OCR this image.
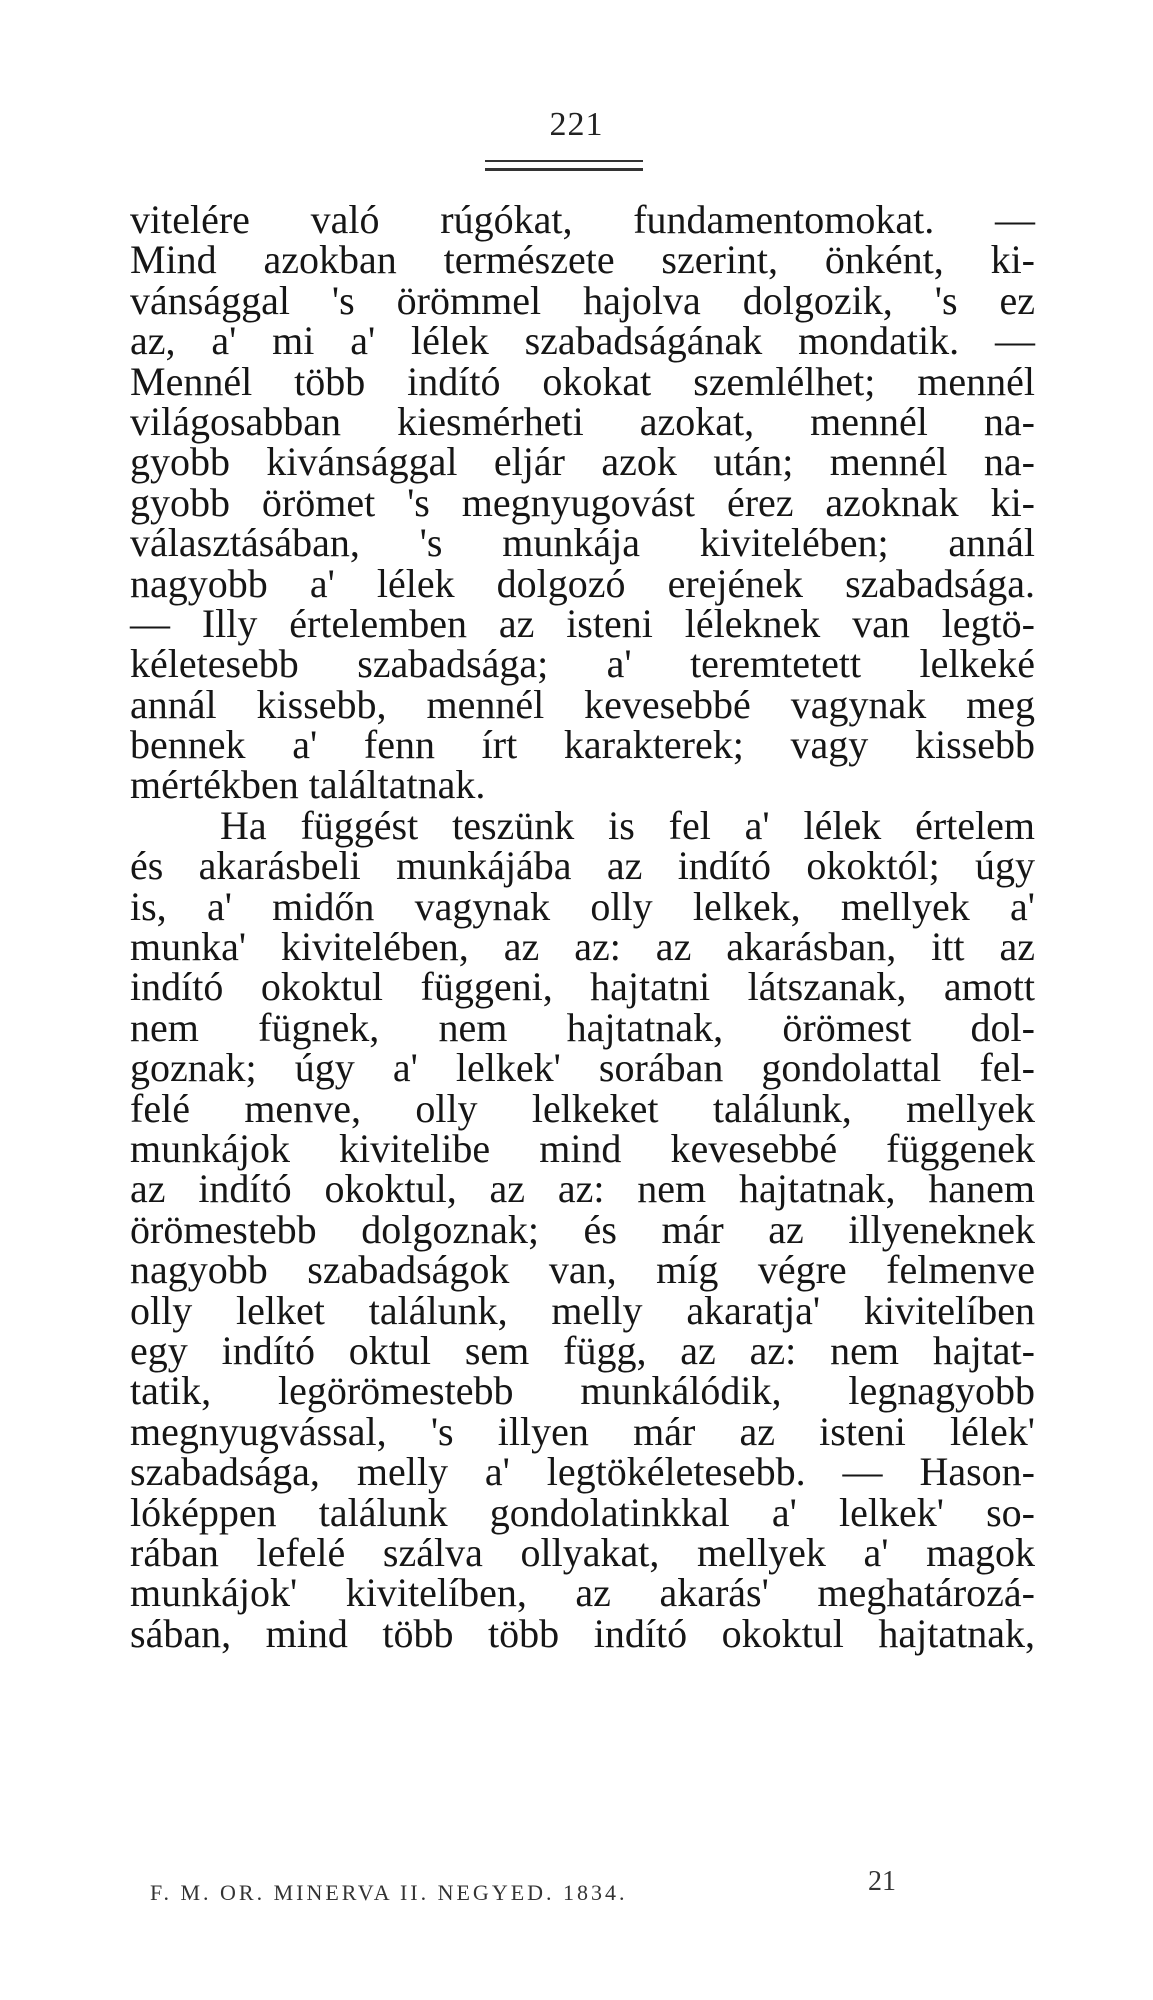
221
vitelére való rúgókat, fundamentomokat. —
Mind azokban természete szerint, önként, ki-
vánsággal 's örömmel hajolva dolgozik, 's ez
az, a' mi a' lélek szabadságának mondatik. —
Mennél több indító okokat szemlélhet; mennél
világosabban kiesmérheti azokat, mennél na-
gyobb kivánsággal eljár azok után; mennél na-
gyobb örömet 's megnyugovást érez azoknak ki-
választásában, 's munkája kivitelében; annál
nagyobb a' lélek dolgozó erejének szabadsága.
— Illy értelemben az isteni léleknek van legtö-
kéletesebb szabadsága; a' teremtetett lelkeké
annál kissebb, mennél kevesebbé vagynak meg
bennek a' fenn írt karakterek; vagy kissebb
mértékben találtatnak.
Ha függést teszünk is fel a' lélek értelem
és akarásbeli munkájába az indító okoktól; úgy
is, a' midőn vagynak olly lelkek, mellyek a'
munka' kivitelében, az az: az akarásban, itt az
indító okoktul függeni, hajtatni látszanak, amott
nem fügnek, nem hajtatnak, örömest dol-
goznak; úgy a' lelkek' sorában gondolattal fel-
felé menve, olly lelkeket találunk, mellyek
munkájok kivitelibe mind kevesebbé függenek
az indító okoktul, az az: nem hajtatnak, hanem
örömestebb dolgoznak; és már az illyeneknek
nagyobb szabadságok van, míg végre felmenve
olly lelket találunk, melly akaratja' kivitelíben
egy indító oktul sem függ, az az: nem hajtat-
tatik, legörömestebb munkálódik, legnagyobb
megnyugvással, 's illyen már az isteni lélek'
szabadsága, melly a' legtökéletesebb. — Hason-
lóképpen találunk gondolatinkkal a' lelkek' so-
rában lefelé szálva ollyakat, mellyek a' magok
munkájok' kivitelíben, az akarás' meghatározá-
sában, mind több több indító okoktul hajtatnak,
F. M. OR. MINERVA II. NEGYED. 1834.	21
